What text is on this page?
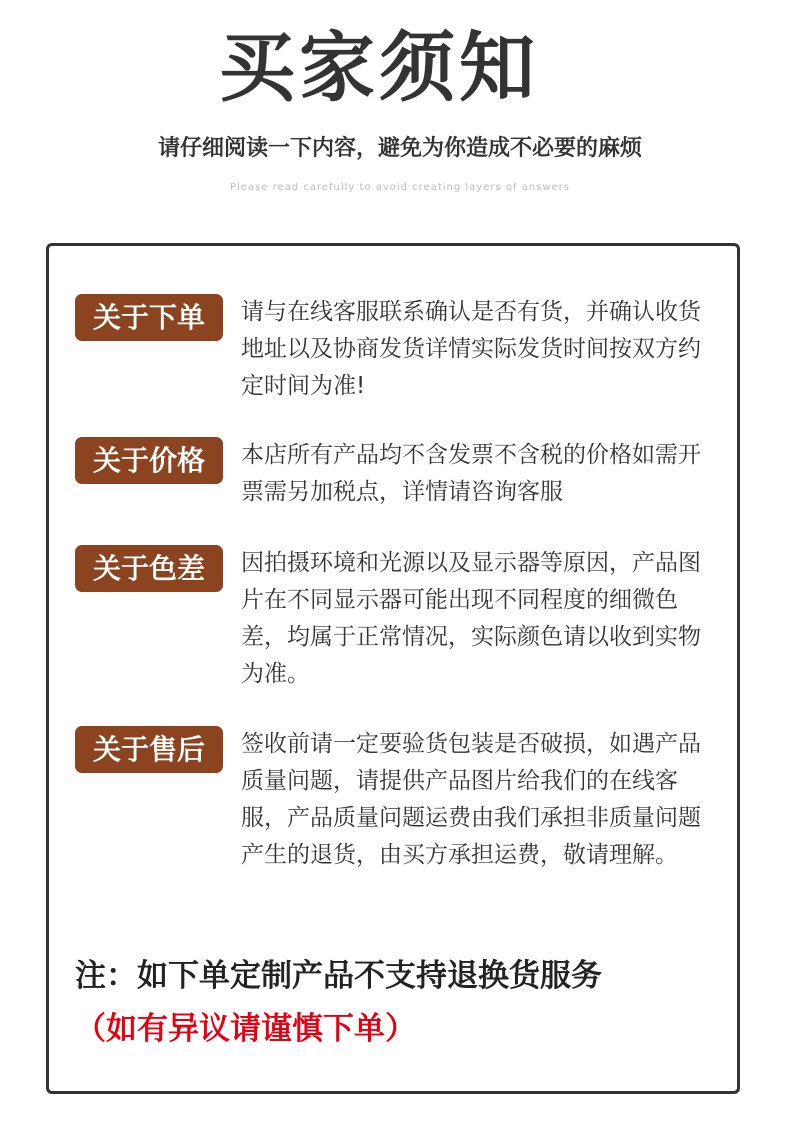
买家须知
请仔细阅读一下内容，避免为你造成不必要的麻烦
Please read carefully to avoid creating layers of answers
关于下单	请与在线客服联系确认是否有货，并确认收货地址以及协商发货详情实际发货时间按双方约定时间为准!
关于价格	本店所有产品均不含发票不含税的价格如需开票需另加税点，详情请咨询客服
关于色差	因拍摄环境和光源以及显示器等原因，产品图片在不同显示器可能出现不同程度的细微色差，均属于正常情况，实际颜色请以收到实物为准。
关于售后	签收前请一定要验货包装是否破损，如遇产品质量问题，请提供产品图片给我们的在线客服，产品质量问题运费由我们承担非质量问题产生的退货，由买方承担运费，敬请理解。
注：如下单定制产品不支持退换货服务
（如有异议请谨慎下单）
